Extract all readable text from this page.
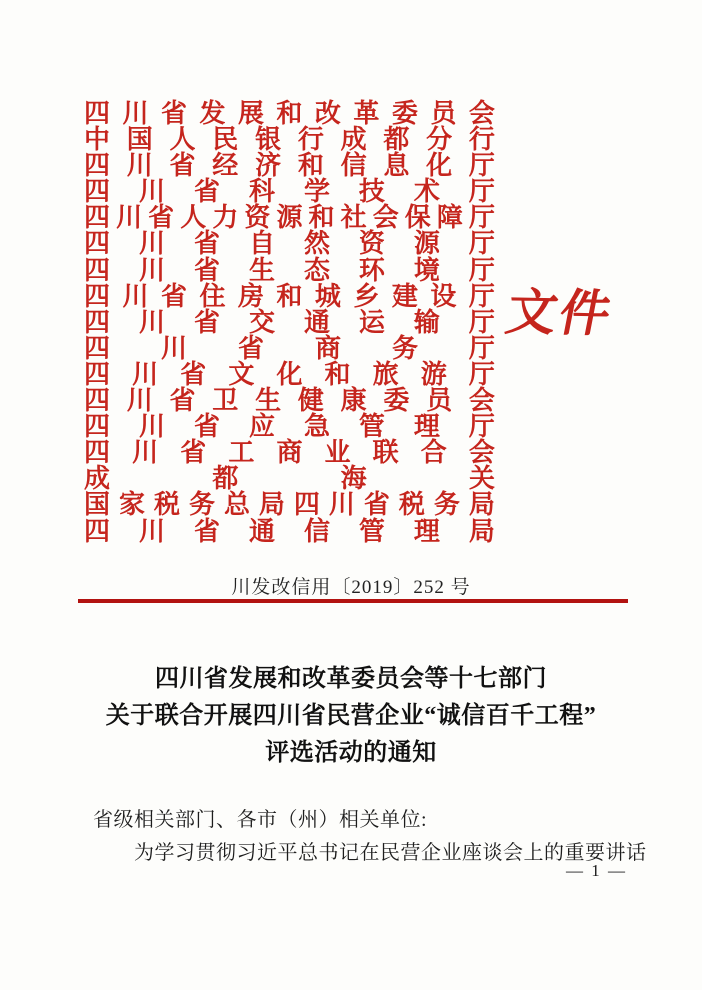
四 川 省 发 展 和 改 革 委 员 会
中 国 人 民 银 行 成 都 分 行
四 川 省 经 济 和 信 息 化 厅
四 川 省 科 学 技 术 厅
四 川 省 人 力 资 源 和 社 会 保 障 厅
四 川 省 自 然 资 源 厅
四 川 省 生 态 环 境 厅
四 川 省 住 房 和 城 乡 建 设 厅
四 川 省 交 通 运 输 厅
四 川 省 商 务 厅
四 川 省 文 化 和 旅 游 厅
四 川 省 卫 生 健 康 委 员 会
四 川 省 应 急 管 理 厅
四 川 省 工 商 业 联 合 会
成	都	海	关
国 家 税 务 总 局 四 川 省 税 务 局
四 川 省 通 信 管 理 局
文件
川发改信用〔2019〕252 号
四川省发展和改革委员会等十七部门
关于联合开展四川省民营企业“诚信百千工程”
评选活动的通知
省级相关部门、各市（州）相关单位:
为学习贯彻习近平总书记在民营企业座谈会上的重要讲话
— 1 —
